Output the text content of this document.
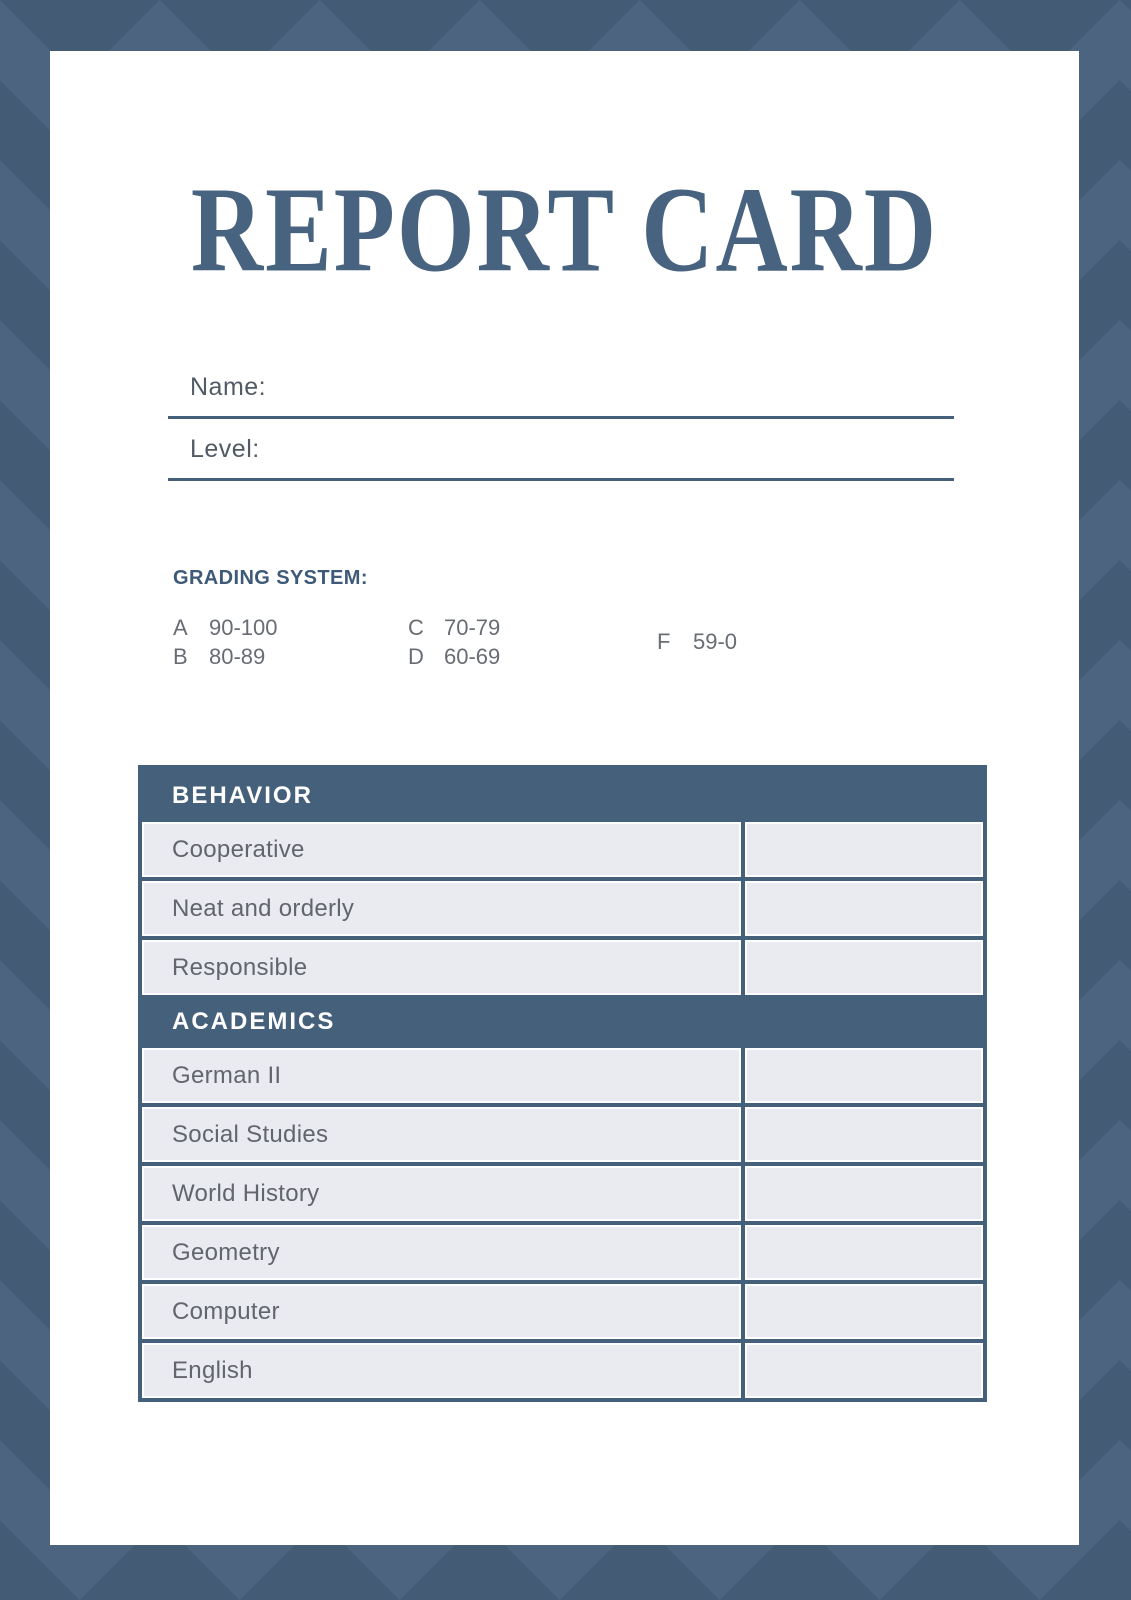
REPORT CARD
Name:
Level:
GRADING SYSTEM:
A 90-100
B 80-89
C 70-79
D 60-69
F 59-0
BEHAVIOR
Cooperative
Neat and orderly
Responsible
ACADEMICS
German II
Social Studies
World History
Geometry
Computer
English
